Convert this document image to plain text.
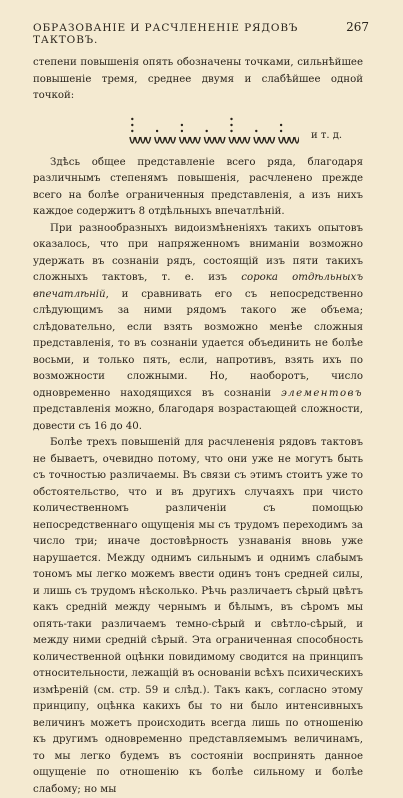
ОБРАЗОВАНІЕ И РАСЧЛЕНЕНІЕ РЯДОВЪ ТАКТОВЪ.
267

степени повышенія опять обозначены точками, сильнѣйшее повышеніе тремя, среднее двумя и слабѣйшее одной точкой:

и т. д.

Здѣсь общее представленіе всего ряда, благодаря различнымъ степенямъ повышенія, расчленено прежде всего на болѣе ограниченныя представленія, а изъ нихъ каждое содержитъ 8 отдѣльныхъ впечатлѣній.

При разнообразныхъ видоизмѣненіяхъ такихъ опытовъ оказалось, что при напряженномъ вниманіи возможно удержать въ сознаніи рядъ, состоящій изъ пяти такихъ сложныхъ тактовъ, т. е. изъ сорока отдѣльныхъ впечатлѣній, и сравнивать его съ непосредственно слѣдующимъ за ними рядомъ такого же объема; слѣдовательно, если взять возможно менѣе сложныя представленія, то въ сознаніи удается объединить не болѣе восьми, и только пять, если, напротивъ, взять ихъ по возможности сложными. Но, наоборотъ, число одновременно находящихся въ сознаніи элементовъ представленія можно, благодаря возрастающей сложности, довести съ 16 до 40.

Болѣе трехъ повышеній для расчлененія рядовъ тактовъ не бываетъ, очевидно потому, что они уже не могутъ быть съ точностью различаемы. Въ связи съ этимъ стоитъ уже то обстоятельство, что и въ другихъ случаяхъ при чисто количественномъ различеніи съ помощью непосредственнаго ощущенія мы съ трудомъ переходимъ за число три; иначе достовѣрность узнаванія вновь уже нарушается. Между однимъ сильнымъ и однимъ слабымъ тономъ мы легко можемъ ввести одинъ тонъ средней силы, и лишь съ трудомъ нѣсколько. Рѣчь различаетъ сѣрый цвѣтъ какъ средній между чернымъ и бѣлымъ, въ сѣромъ мы опять-таки различаемъ темно-сѣрый и свѣтло-сѣрый, и между ними средній сѣрый. Эта ограниченная способность количественной оцѣнки повидимому сводится на принципъ относительности, лежащій въ основаніи всѣхъ психическихъ измѣреній (см. стр. 59 и слѣд.). Такъ какъ, согласно этому принципу, оцѣнка какихъ бы то ни было интенсивныхъ величинъ можетъ происходить всегда лишь по отношенію къ другимъ одновременно представляемымъ величинамъ, то мы легко будемъ въ состояніи воспринять данное ощущеніе по отношенію къ болѣе сильному и болѣе слабому; но мы
